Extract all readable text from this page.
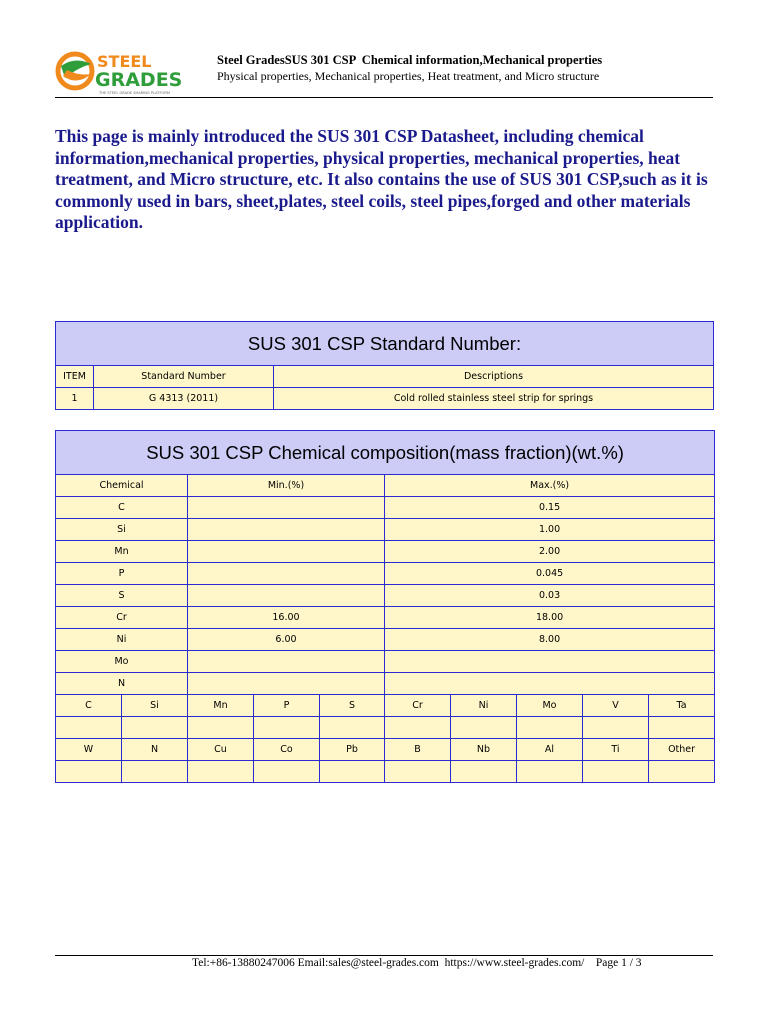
STEEL
GRADES
THE STEEL GRADE SHARING PLATFORM
Steel GradesSUS 301 CSP  Chemical information,Mechanical properties
Physical properties, Mechanical properties, Heat treatment, and Micro structure
This page is mainly introduced the SUS 301 CSP Datasheet, including chemical information,mechanical properties, physical properties, mechanical properties, heat treatment, and Micro structure, etc. It also contains the use of SUS 301 CSP,such as it is commonly used in bars, sheet,plates, steel coils, steel pipes,forged and other materials application.
SUS 301 CSP Standard Number:		
ITEM	Standard Number	Descriptions
1	G 4313 (2011)	Cold rolled stainless steel strip for springs
SUS 301 CSP Chemical composition(mass fraction)(wt.%)									
Chemical		Min.(%)			Max.(%)				
C					0.15				
Si					1.00				
Mn					2.00				
P					0.045				
S					0.03				
Cr		16.00			18.00				
Ni		6.00			8.00				
Mo									
N									
C	Si	Mn	P	S	Cr	Ni	Mo	V	Ta

W	N	Cu	Co	Pb	B	Nb	Al	Ti	Other

Tel:+86-13880247006 Email:sales@steel-grades.com  https://www.steel-grades.com/    Page 1 / 3
